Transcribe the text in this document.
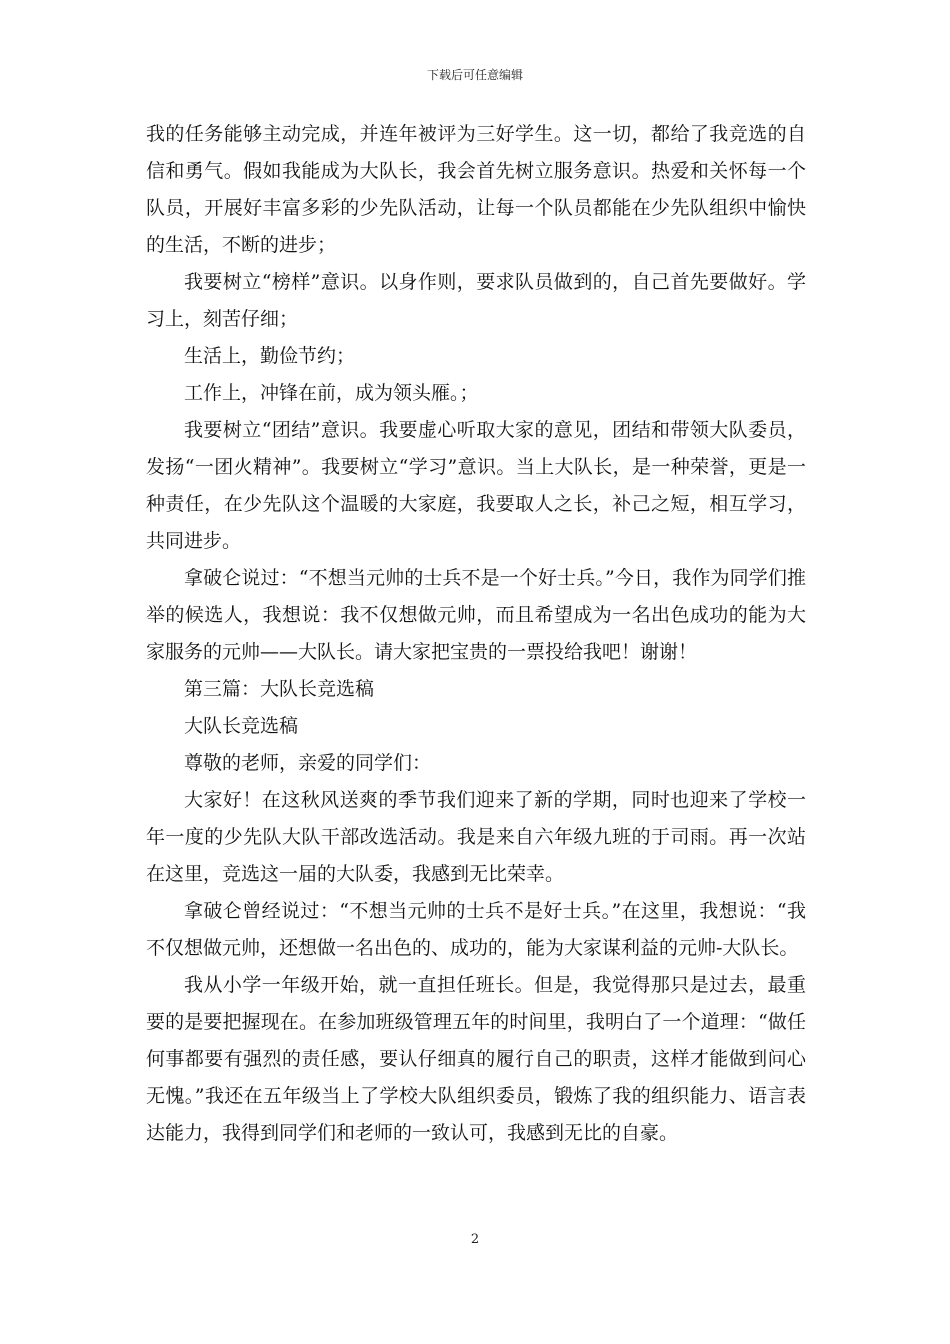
下载后可任意编辑

我的任务能够主动完成，并连年被评为三好学生。这一切，都给了我竞选的自信和勇气。假如我能成为大队长，我会首先树立服务意识。热爱和关怀每一个队员，开展好丰富多彩的少先队活动，让每一个队员都能在少先队组织中愉快的生活，不断的进步；

我要树立“榜样”意识。以身作则，要求队员做到的，自己首先要做好。学习上，刻苦仔细；

生活上，勤俭节约；

工作上，冲锋在前，成为领头雁。；

我要树立“团结”意识。我要虚心听取大家的意见，团结和带领大队委员，发扬“一团火精神”。我要树立“学习”意识。当上大队长，是一种荣誉，更是一种责任，在少先队这个温暖的大家庭，我要取人之长，补己之短，相互学习，共同进步。

拿破仑说过：“不想当元帅的士兵不是一个好士兵。”今日，我作为同学们推举的候选人，我想说：我不仅想做元帅，而且希望成为一名出色成功的能为大家服务的元帅——大队长。请大家把宝贵的一票投给我吧！谢谢！

第三篇：大队长竞选稿

大队长竞选稿

尊敬的老师，亲爱的同学们：

大家好！在这秋风送爽的季节我们迎来了新的学期，同时也迎来了学校一年一度的少先队大队干部改选活动。我是来自六年级九班的于司雨。再一次站在这里，竞选这一届的大队委，我感到无比荣幸。

拿破仑曾经说过：“不想当元帅的士兵不是好士兵。”在这里，我想说：“我不仅想做元帅，还想做一名出色的、成功的，能为大家谋利益的元帅-大队长。

我从小学一年级开始，就一直担任班长。但是，我觉得那只是过去，最重要的是要把握现在。在参加班级管理五年的时间里，我明白了一个道理：“做任何事都要有强烈的责任感，要认仔细真的履行自己的职责，这样才能做到问心无愧。”我还在五年级当上了学校大队组织委员，锻炼了我的组织能力、语言表达能力，我得到同学们和老师的一致认可，我感到无比的自豪。

2
